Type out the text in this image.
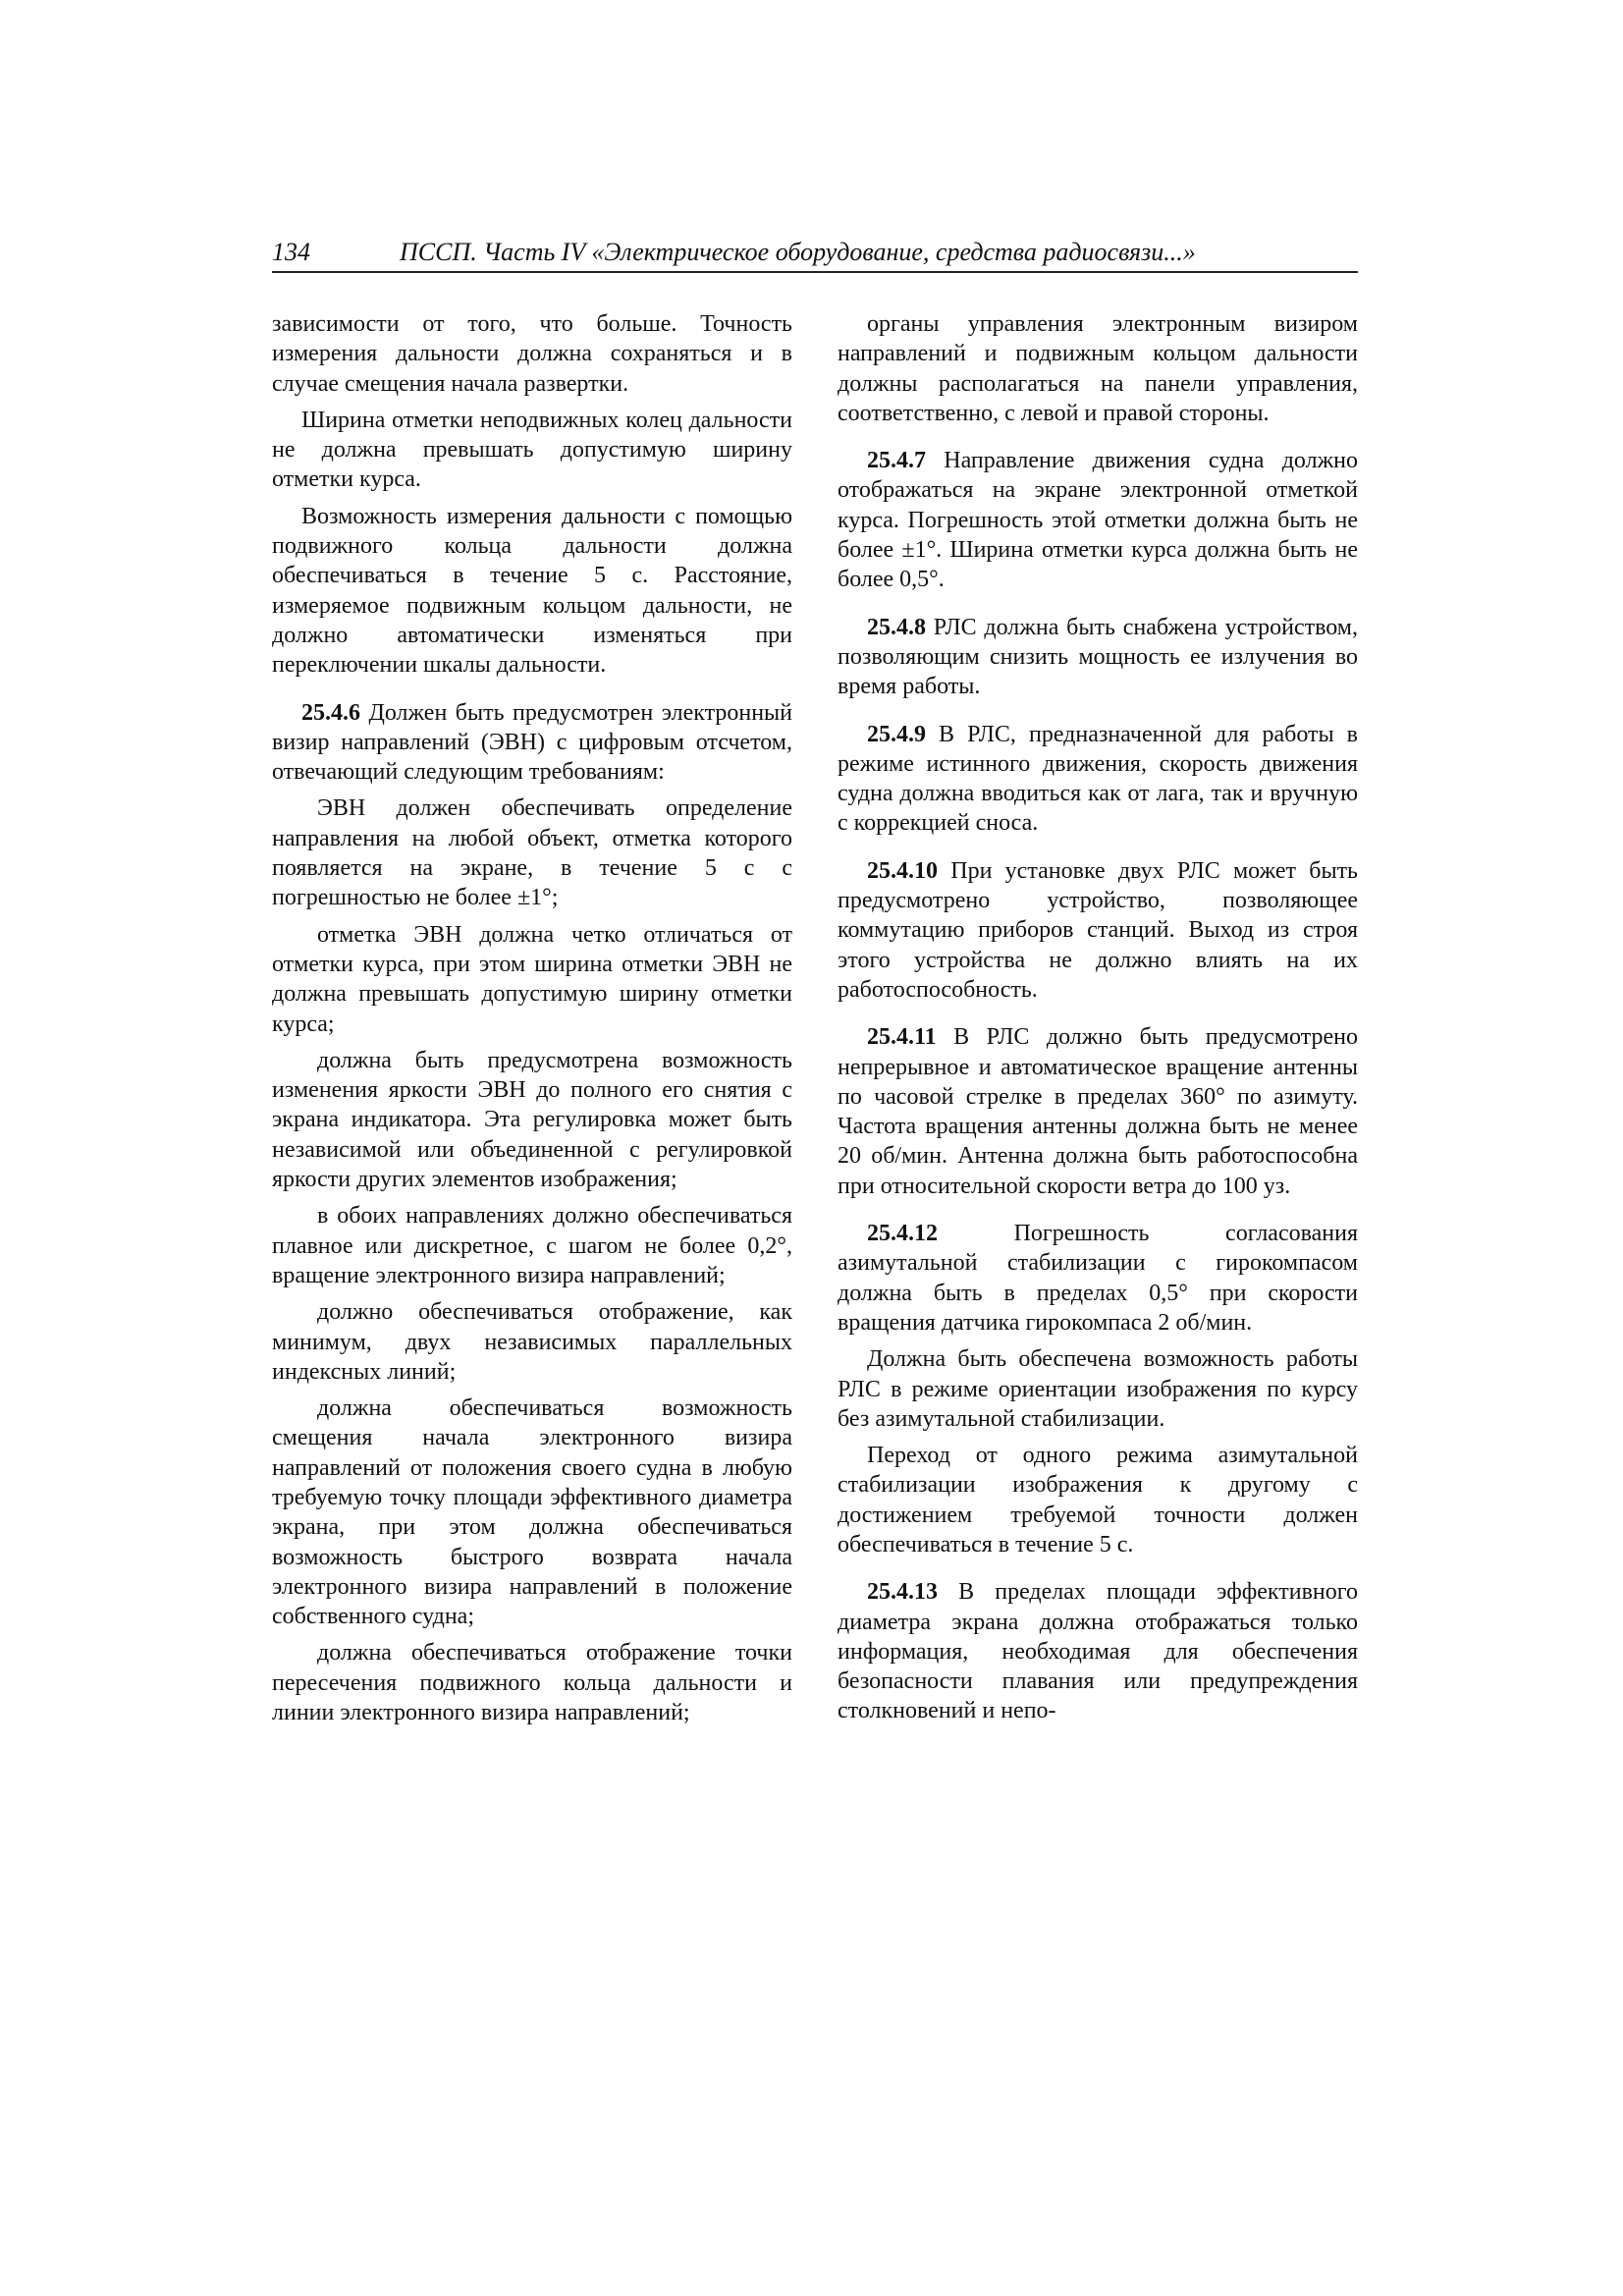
134	ПССП. Часть IV «Электрическое оборудование, средства радиосвязи...»

зависимости от того, что больше. Точность измерения дальности должна сохраняться и в случае смещения начала развертки.

Ширина отметки неподвижных колец дальности не должна превышать допустимую ширину отметки курса.

Возможность измерения дальности с помощью подвижного кольца дальности должна обеспечиваться в течение 5 с. Расстояние, измеряемое подвижным кольцом дальности, не должно автоматически изменяться при переключении шкалы дальности.

25.4.6 Должен быть предусмотрен электронный визир направлений (ЭВН) с цифровым отсчетом, отвечающий следующим требованиям:

ЭВН должен обеспечивать определение направления на любой объект, отметка которого появляется на экране, в течение 5 с с погрешностью не более ±1°;

отметка ЭВН должна четко отличаться от отметки курса, при этом ширина отметки ЭВН не должна превышать допустимую ширину отметки курса;

должна быть предусмотрена возможность изменения яркости ЭВН до полного его снятия с экрана индикатора. Эта регулировка может быть независимой или объединенной с регулировкой яркости других элементов изображения;

в обоих направлениях должно обеспечиваться плавное или дискретное, с шагом не более 0,2°, вращение электронного визира направлений;

должно обеспечиваться отображение, как минимум, двух независимых параллельных индексных линий;

должна обеспечиваться возможность смещения начала электронного визира направлений от положения своего судна в любую требуемую точку площади эффективного диаметра экрана, при этом должна обеспечиваться возможность быстрого возврата начала электронного визира направлений в положение собственного судна;

должна обеспечиваться отображение точки пересечения подвижного кольца дальности и линии электронного визира направлений;

органы управления электронным визиром направлений и подвижным кольцом дальности должны располагаться на панели управления, соответственно, с левой и правой стороны.

25.4.7 Направление движения судна должно отображаться на экране электронной отметкой курса. Погрешность этой отметки должна быть не более ±1°. Ширина отметки курса должна быть не более 0,5°.

25.4.8 РЛС должна быть снабжена устройством, позволяющим снизить мощность ее излучения во время работы.

25.4.9 В РЛС, предназначенной для работы в режиме истинного движения, скорость движения судна должна вводиться как от лага, так и вручную с коррекцией сноса.

25.4.10 При установке двух РЛС может быть предусмотрено устройство, позволяющее коммутацию приборов станций. Выход из строя этого устройства не должно влиять на их работоспособность.

25.4.11 В РЛС должно быть предусмотрено непрерывное и автоматическое вращение антенны по часовой стрелке в пределах 360° по азимуту. Частота вращения антенны должна быть не менее 20 об/мин. Антенна должна быть работоспособна при относительной скорости ветра до 100 уз.

25.4.12 Погрешность согласования азимутальной стабилизации с гирокомпасом должна быть в пределах 0,5° при скорости вращения датчика гирокомпаса 2 об/мин.

Должна быть обеспечена возможность работы РЛС в режиме ориентации изображения по курсу без азимутальной стабилизации.

Переход от одного режима азимутальной стабилизации изображения к другому с достижением требуемой точности должен обеспечиваться в течение 5 с.

25.4.13 В пределах площади эффективного диаметра экрана должна отображаться только информация, необходимая для обеспечения безопасности плавания или предупреждения столкновений и непо-
